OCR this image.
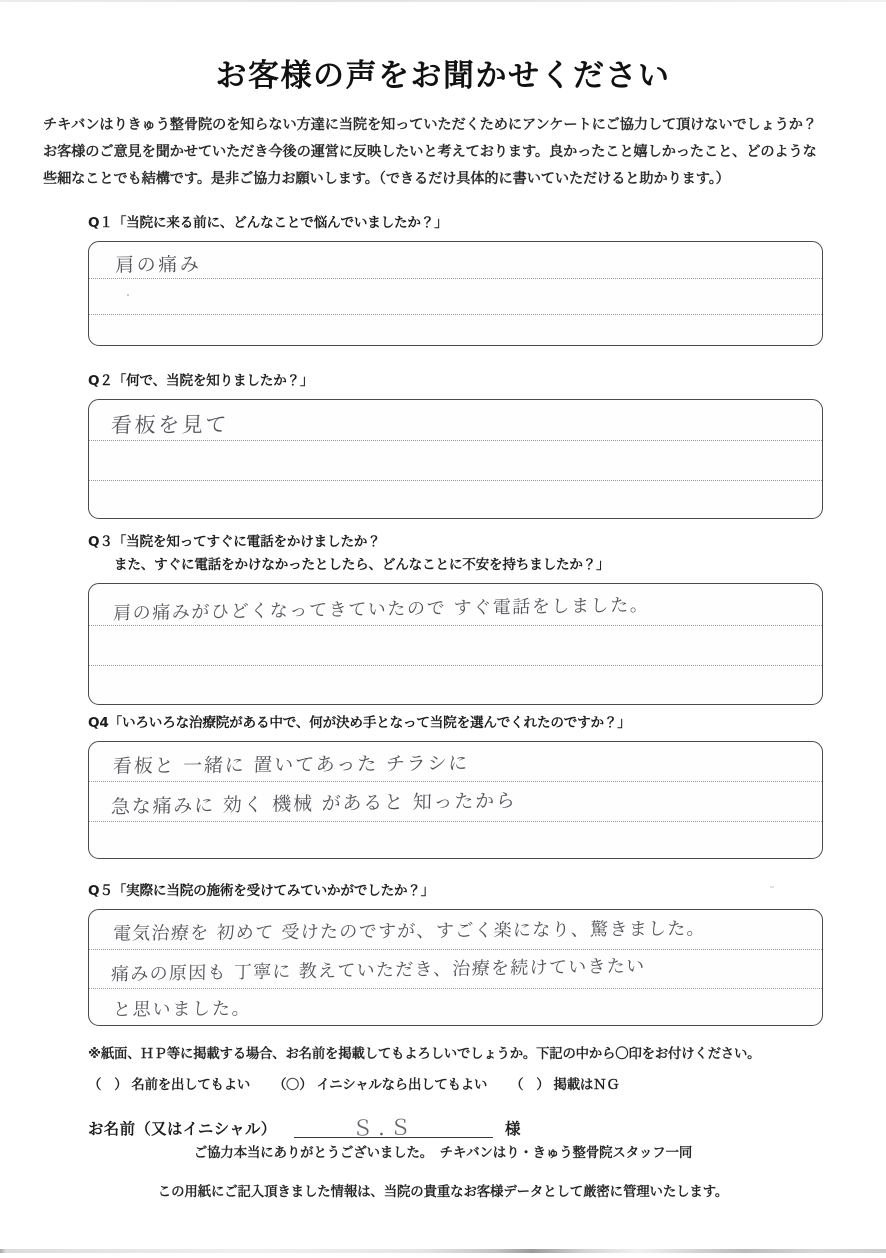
お客様の声をお聞かせください
チキバンはりきゅう整骨院のを知らない方達に当院を知っていただくためにアンケートにご協力して頂けないでしょうか？
お客様のご意見を聞かせていただき今後の運営に反映したいと考えております。良かったこと嬉しかったこと、どのような
些細なことでも結構です。是非ご協力お願いします。（できるだけ具体的に書いていただけると助かります。）
Q１「当院に来る前に、どんなことで悩んでいましたか？」
肩の痛み
Q２「何で、当院を知りましたか？」
看板を見て
Q３「当院を知ってすぐに電話をかけましたか？
また、すぐに電話をかけなかったとしたら、どんなことに不安を持ちましたか？」
肩の痛みがひどくなってきていたので すぐ電話をしました。
Q4「いろいろな治療院がある中で、何が決め手となって当院を選んでくれたのですか？」
看板と 一緒に 置いてあった チラシに
急な痛みに 効く 機械 があると 知ったから
Q５「実際に当院の施術を受けてみていかがでしたか？」
電気治療を 初めて 受けたのですが、すごく楽になり、驚きました。
痛みの原因も 丁寧に 教えていただき、治療を続けていきたい
と思いました。
※紙面、ＨＰ等に掲載する場合、お名前を掲載してもよろしいでしょうか。下記の中から〇印をお付けください。
（ ） 名前を出してもよい （〇） イニシャルなら出してもよい （ ） 掲載はＮＧ
お名前（又はイニシャル）	Ｓ.Ｓ	様
ご協力本当にありがとうございました。　チキバンはり・きゅう整骨院スタッフ一同
この用紙にご記入頂きました情報は、当院の貴重なお客様データとして厳密に管理いたします。
